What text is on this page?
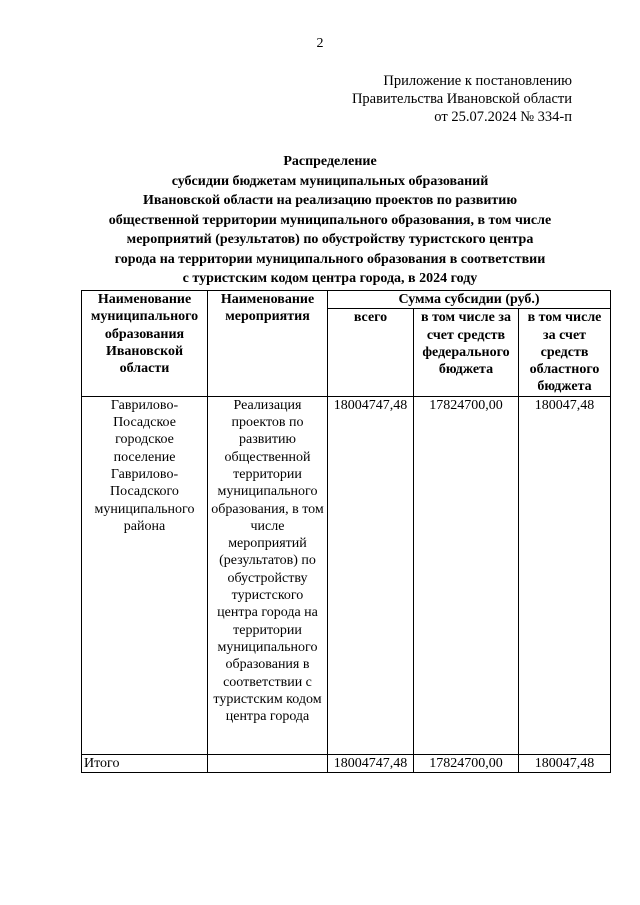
2
Приложение к постановлению
Правительства Ивановской области
от 25.07.2024 № 334-п
Распределение
субсидии бюджетам муниципальных образований
Ивановской области на реализацию проектов по развитию
общественной территории муниципального образования, в том числе
мероприятий (результатов) по обустройству туристского центра
города на территории муниципального образования в соответствии
с туристским кодом центра города, в 2024 году
Наименование муниципального образования Ивановской области	Наименование мероприятия	Сумма субсидии (руб.)		
		всего	в том числе за счет средств федерального бюджета	в том числе за счет средств областного бюджета
Гаврилово-Посадское городское поселение Гаврилово-Посадского муниципального района	Реализация проектов по развитию общественной территории муниципального образования, в том числе мероприятий (результатов) по обустройству туристского центра города на территории муниципального образования в соответствии с туристским кодом центра города	18004747,48	17824700,00	180047,48
Итого		18004747,48	17824700,00	180047,48
